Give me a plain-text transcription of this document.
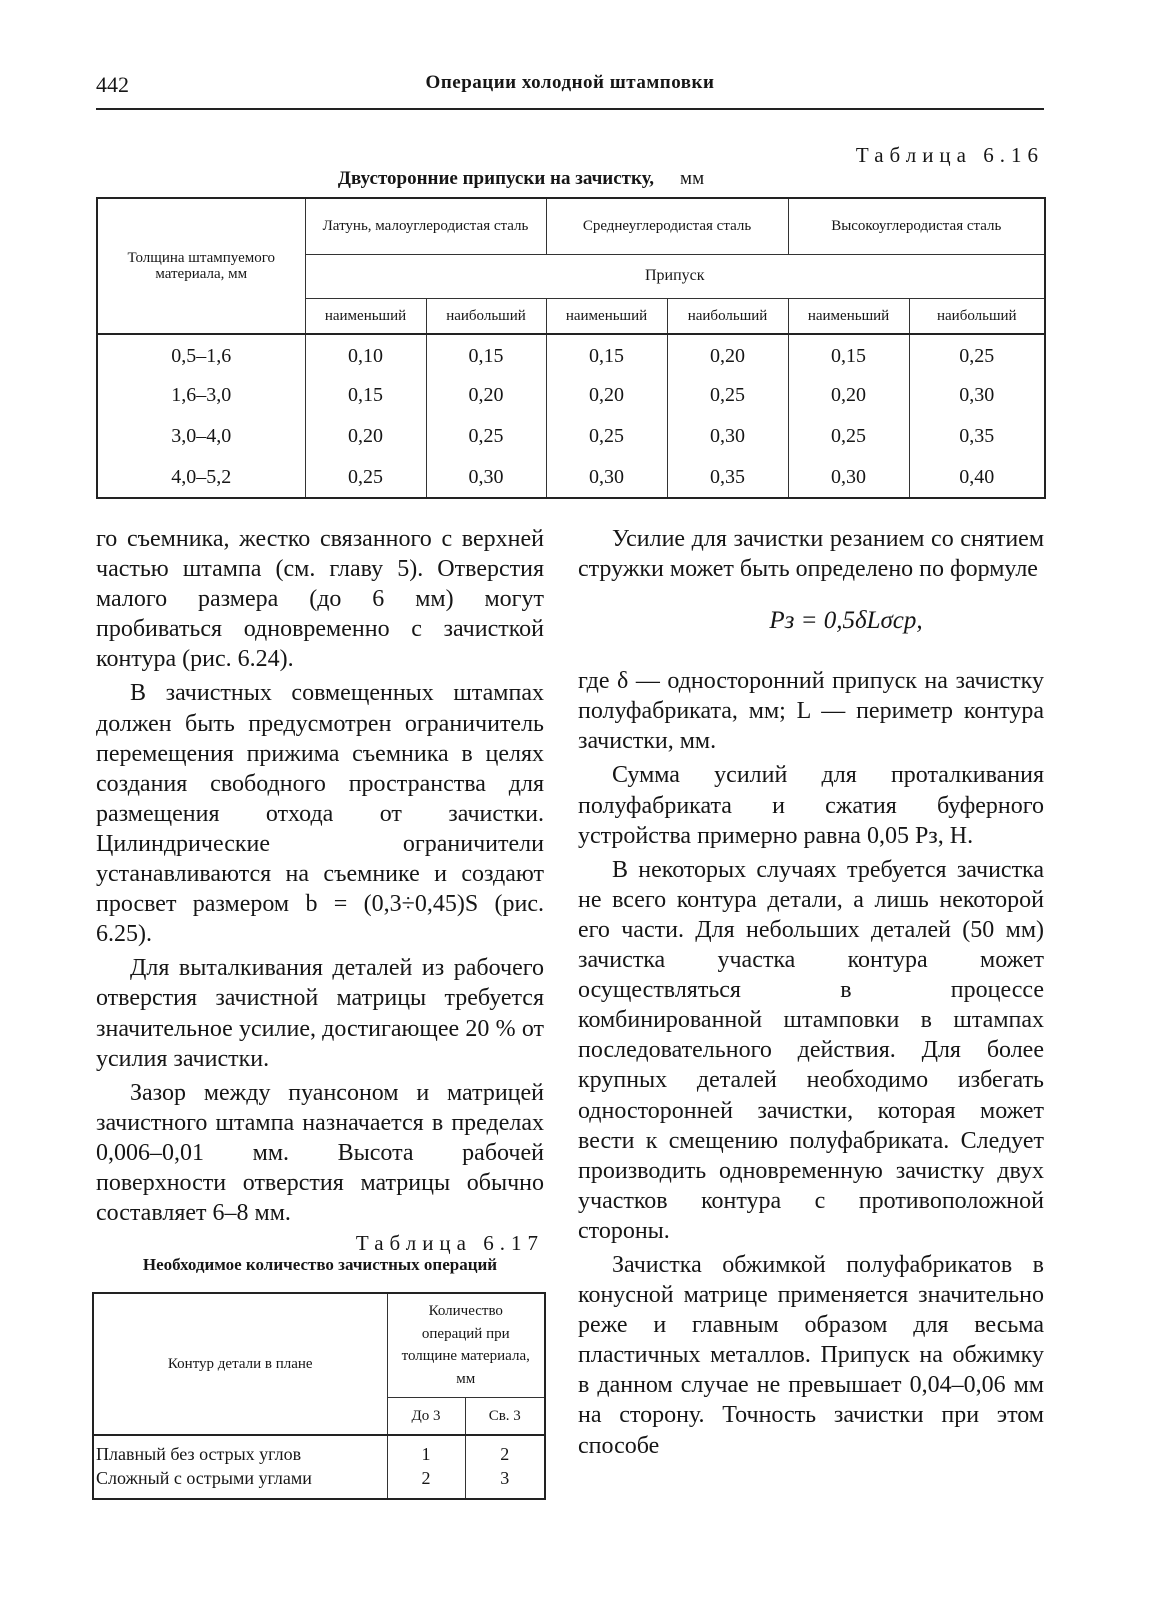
442	Операции холодной штамповки
Таблица 6.16
Двусторонние припуски на зачистку, мм
Толщина штампуемого материала, мм	Латунь, малоуглеродистая сталь		Среднеуглеродистая сталь		Высокоуглеродистая сталь	
	Припуск					
	наименьший	наибольший	наименьший	наибольший	наименьший	наибольший
0,5–1,6	0,10	0,15	0,15	0,20	0,15	0,25
1,6–3,0	0,15	0,20	0,20	0,25	0,20	0,30
3,0–4,0	0,20	0,25	0,25	0,30	0,25	0,35
4,0–5,2	0,25	0,30	0,30	0,35	0,30	0,40

го съемника, жестко связанного с верхней частью штампа (см. главу 5). Отверстия малого размера (до 6 мм) могут пробиваться одновременно с зачисткой контура (рис. 6.24).

В зачистных совмещенных штампах должен быть предусмотрен ограничитель перемещения прижима съемника в целях создания свободного пространства для размещения отхода от зачистки. Цилиндрические ограничители устанавливаются на съемнике и создают просвет размером b = (0,3÷0,45)S (рис. 6.25).

Для выталкивания деталей из рабочего отверстия зачистной матрицы требуется значительное усилие, достигающее 20 % от усилия зачистки.

Зазор между пуансоном и матрицей зачистного штампа назначается в пределах 0,006–0,01 мм. Высота рабочей поверхности отверстия матрицы обычно составляет 6–8 мм.

Таблица 6.17
Необходимое количество зачистных операций
Контур детали в плане	Количество операций при толщине материала, мм	
	До 3	Св. 3
Плавный без острых углов	1	2
Сложный с острыми углами	2	3

Усилие для зачистки резанием со снятием стружки может быть определено по формуле

Pз = 0,5δLσср,

где δ — односторонний припуск на зачистку полуфабриката, мм; L — периметр контура зачистки, мм.

Сумма усилий для проталкивания полуфабриката и сжатия буферного устройства примерно равна 0,05 Pз, Н.

В некоторых случаях требуется зачистка не всего контура детали, а лишь некоторой его части. Для небольших деталей (50 мм) зачистка участка контура может осуществляться в процессе комбинированной штамповки в штампах последовательного действия. Для более крупных деталей необходимо избегать односторонней зачистки, которая может вести к смещению полуфабриката. Следует производить одновременную зачистку двух участков контура с противоположной стороны.

Зачистка обжимкой полуфабрикатов в конусной матрице применяется значительно реже и главным образом для весьма пластичных металлов. Припуск на обжимку в данном случае не превышает 0,04–0,06 мм на сторону. Точность зачистки при этом способе
